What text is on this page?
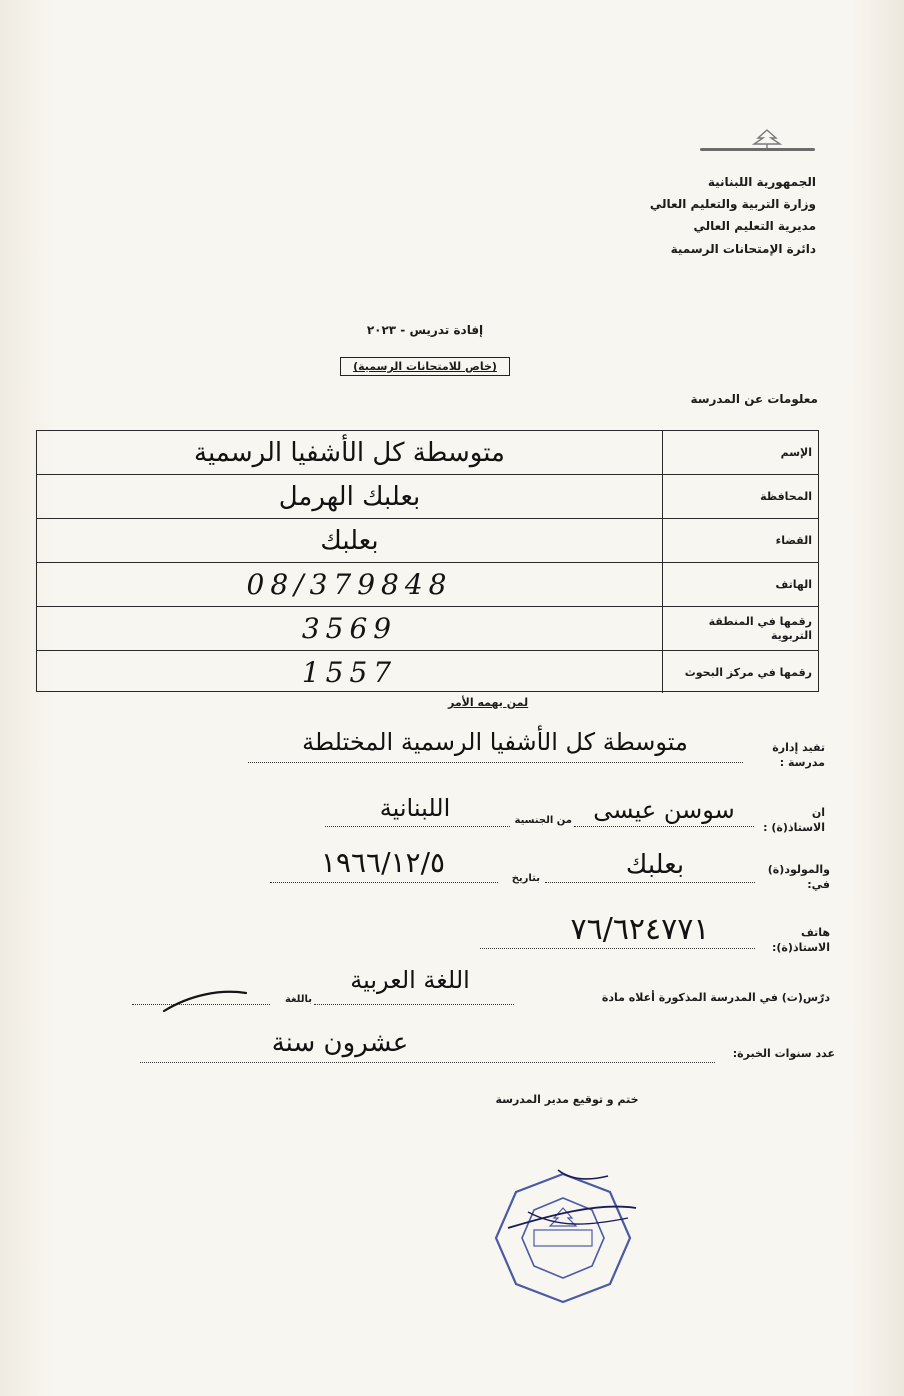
الجمهورية اللبنانية
وزارة التربية والتعليم العالي
مديرية التعليم العالي
دائرة الإمتحانات الرسمية
إفادة تدريس - ٢٠٢٣
(خاص للامتحانات الرسمية)
معلومات عن المدرسة
الإسم
متوسطة كل الأشفيا الرسمية
المحافظة
بعلبك الهرمل
القضاء
بعلبك
الهاتف
08/379848
رقمها في المنطقة التربوية
3569
رقمها في مركز البحوث
1557
لمن يهمه الأمر
تفيد إدارة مدرسة :
متوسطة كل الأشفيا الرسمية المختلطة
ان الاستاذ(ة) :
من الجنسية سوسن عيسى
اللبنانية
والمولود(ة) في:
بتاريخ	بعلبك
١٩٦٦/١٢/٥
هاتف الاستاذ(ة):
٧٦/٦٢٤٧٧١
درّس(ت) في المدرسة المذكورة أعلاه مادة
باللغة
اللغة العربية
عدد سنوات الخبرة:
عشرون سنة
ختم و توقيع مدير المدرسة
